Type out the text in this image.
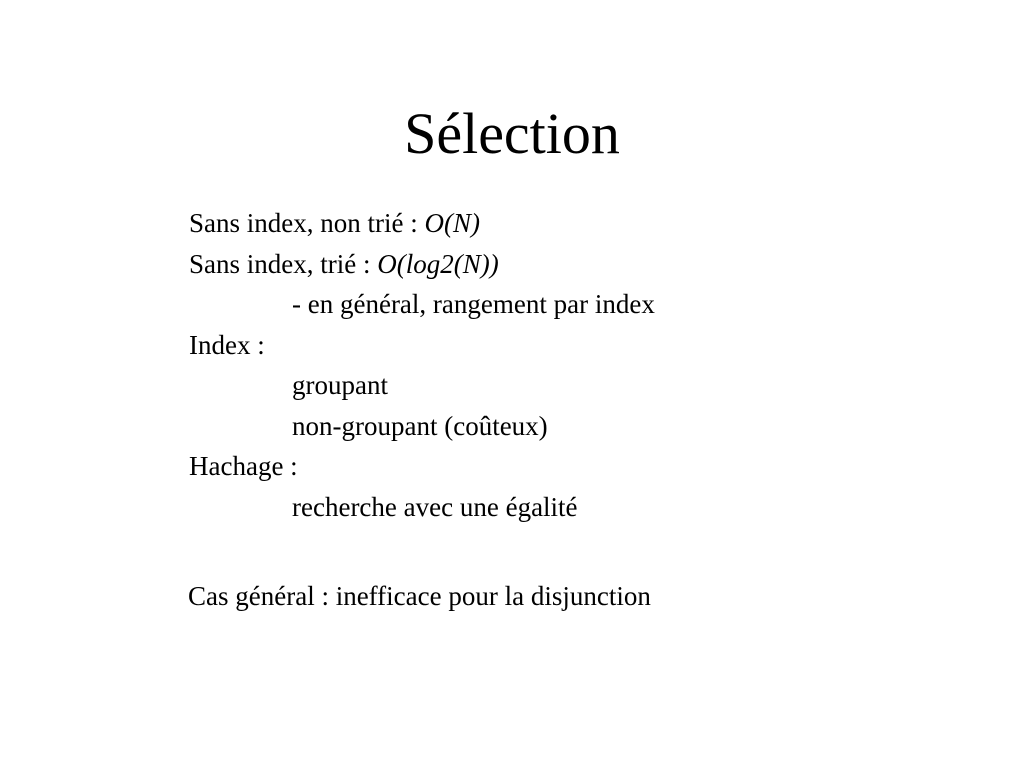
Sélection
Sans index, non trié : O(N)
Sans index, trié : O(log2(N))
- en général, rangement par index
Index :
groupant
non-groupant (coûteux)
Hachage :
recherche avec une égalité
Cas général : inefficace pour la disjunction
